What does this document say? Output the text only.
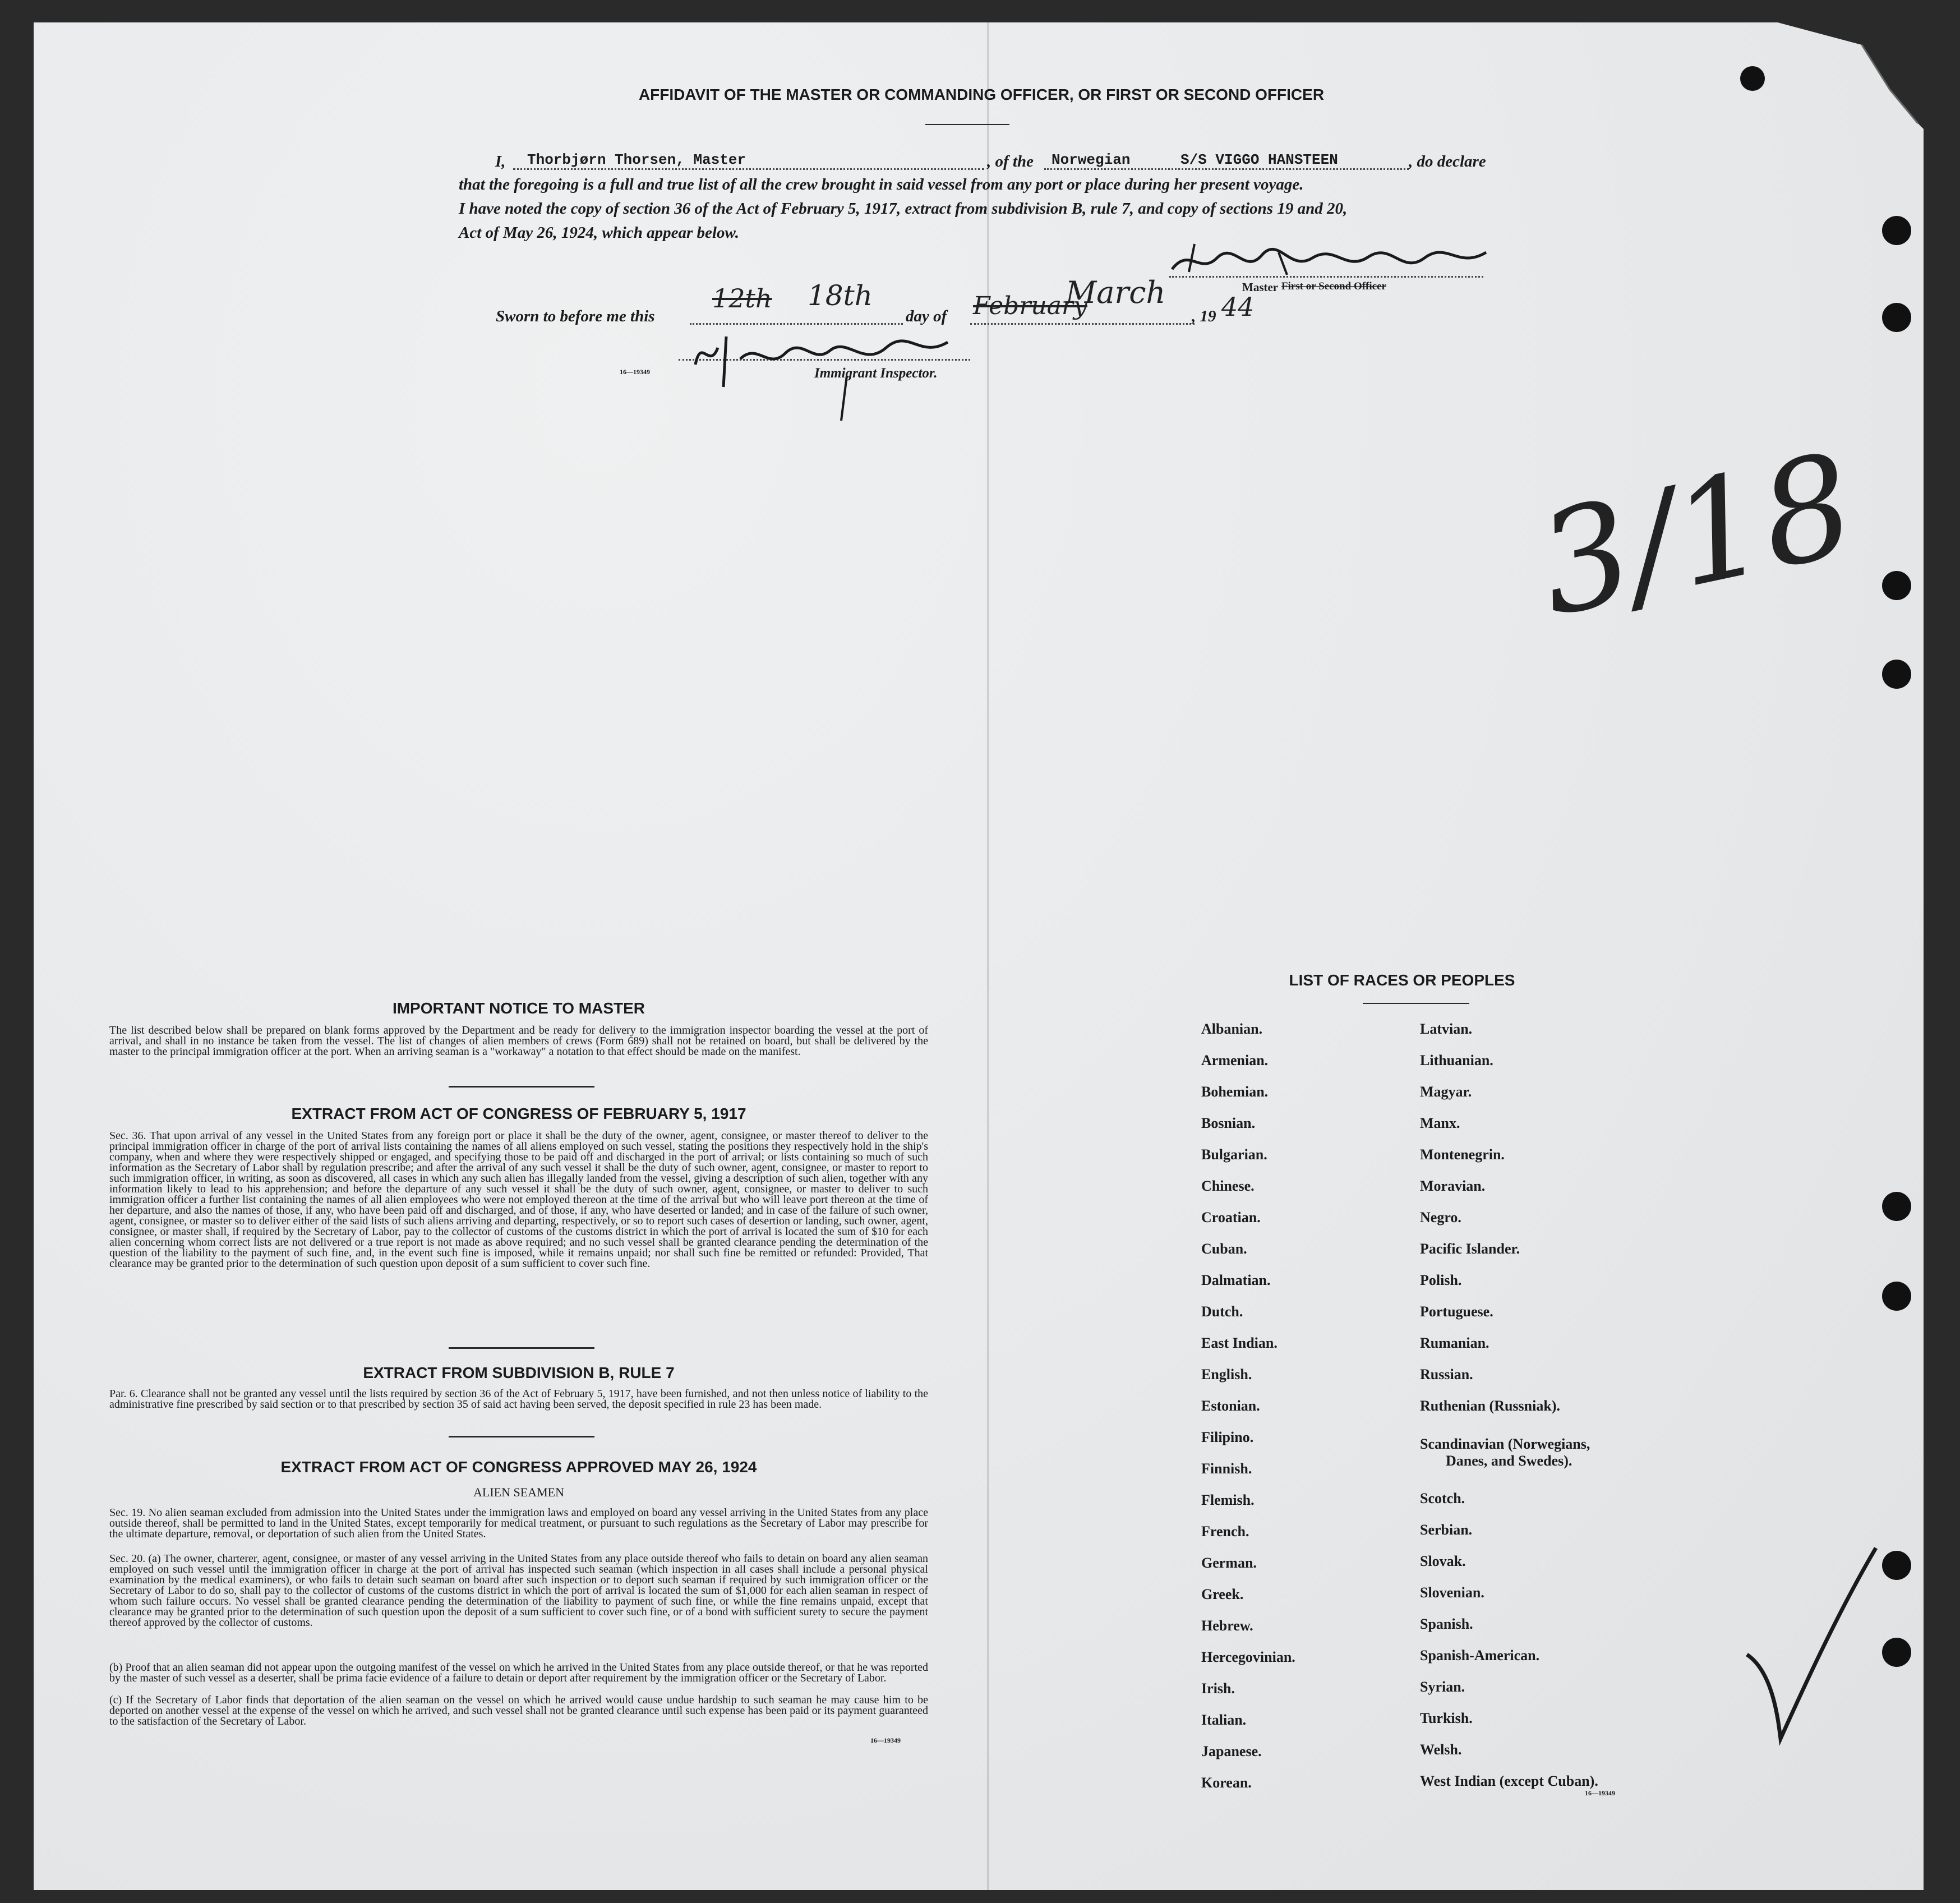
AFFIDAVIT OF THE MASTER OR COMMANDING OFFICER, OR FIRST OR SECOND OFFICER
I, Thorbjørn Thorsen, Master	, of the Norwegian	S/S VIGGO HANSTEEN	, do declare
that the foregoing is a full and true list of all the crew brought in said vessel from any port or place during her present voyage.
I have noted the copy of section 36 of the Act of February 5, 1917, extract from subdivision B, rule 7, and copy of sections 19 and 20,
Act of May 26, 1924, which appear below.
Master First or Second Officer
Sworn to before me this
12th 18th
day of February
March
, 19 44
16—19349	Immigrant Inspector.
3/18
IMPORTANT NOTICE TO MASTER
The list described below shall be prepared on blank forms approved by the Department and be ready for delivery to the immigration inspector boarding the vessel at the port of arrival, and shall in no instance be taken from the vessel. The list of changes of alien members of crews (Form 689) shall not be retained on board, but shall be delivered by the master to the principal immigration officer at the port. When an arriving seaman is a "workaway" a notation to that effect should be made on the manifest.
EXTRACT FROM ACT OF CONGRESS OF FEBRUARY 5, 1917
Sec. 36. That upon arrival of any vessel in the United States from any foreign port or place it shall be the duty of the owner, agent, consignee, or master thereof to deliver to the principal immigration officer in charge of the port of arrival lists containing the names of all aliens employed on such vessel, stating the positions they respectively hold in the ship's company, when and where they were respectively shipped or engaged, and specifying those to be paid off and discharged in the port of arrival; or lists containing so much of such information as the Secretary of Labor shall by regulation prescribe; and after the arrival of any such vessel it shall be the duty of such owner, agent, consignee, or master to report to such immigration officer, in writing, as soon as discovered, all cases in which any such alien has illegally landed from the vessel, giving a description of such alien, together with any information likely to lead to his apprehension; and before the departure of any such vessel it shall be the duty of such owner, agent, consignee, or master to deliver to such immigration officer a further list containing the names of all alien employees who were not employed thereon at the time of the arrival but who will leave port thereon at the time of her departure, and also the names of those, if any, who have been paid off and discharged, and of those, if any, who have deserted or landed; and in case of the failure of such owner, agent, consignee, or master so to deliver either of the said lists of such aliens arriving and departing, respectively, or so to report such cases of desertion or landing, such owner, agent, consignee, or master shall, if required by the Secretary of Labor, pay to the collector of customs of the customs district in which the port of arrival is located the sum of $10 for each alien concerning whom correct lists are not delivered or a true report is not made as above required; and no such vessel shall be granted clearance pending the determination of the question of the liability to the payment of such fine, and, in the event such fine is imposed, while it remains unpaid; nor shall such fine be remitted or refunded: Provided, That clearance may be granted prior to the determination of such question upon deposit of a sum sufficient to cover such fine.
EXTRACT FROM SUBDIVISION B, RULE 7
Par. 6. Clearance shall not be granted any vessel until the lists required by section 36 of the Act of February 5, 1917, have been furnished, and not then unless notice of liability to the administrative fine prescribed by said section or to that prescribed by section 35 of said act having been served, the deposit specified in rule 23 has been made.
EXTRACT FROM ACT OF CONGRESS APPROVED MAY 26, 1924
ALIEN SEAMEN
Sec. 19. No alien seaman excluded from admission into the United States under the immigration laws and employed on board any vessel arriving in the United States from any place outside thereof, shall be permitted to land in the United States, except temporarily for medical treatment, or pursuant to such regulations as the Secretary of Labor may prescribe for the ultimate departure, removal, or deportation of such alien from the United States.
Sec. 20. (a) The owner, charterer, agent, consignee, or master of any vessel arriving in the United States from any place outside thereof who fails to detain on board any alien seaman employed on such vessel until the immigration officer in charge at the port of arrival has inspected such seaman (which inspection in all cases shall include a personal physical examination by the medical examiners), or who fails to detain such seaman on board after such inspection or to deport such seaman if required by such immigration officer or the Secretary of Labor to do so, shall pay to the collector of customs of the customs district in which the port of arrival is located the sum of $1,000 for each alien seaman in respect of whom such failure occurs. No vessel shall be granted clearance pending the determination of the liability to payment of such fine, or while the fine remains unpaid, except that clearance may be granted prior to the determination of such question upon the deposit of a sum sufficient to cover such fine, or of a bond with sufficient surety to secure the payment thereof approved by the collector of customs.
(b) Proof that an alien seaman did not appear upon the outgoing manifest of the vessel on which he arrived in the United States from any place outside thereof, or that he was reported by the master of such vessel as a deserter, shall be prima facie evidence of a failure to detain or deport after requirement by the immigration officer or the Secretary of Labor.
(c) If the Secretary of Labor finds that deportation of the alien seaman on the vessel on which he arrived would cause undue hardship to such seaman he may cause him to be deported on another vessel at the expense of the vessel on which he arrived, and such vessel shall not be granted clearance until such expense has been paid or its payment guaranteed to the satisfaction of the Secretary of Labor.
16—19349
LIST OF RACES OR PEOPLES
Albanian.
Armenian.
Bohemian.
Bosnian.
Bulgarian.
Chinese.
Croatian.
Cuban.
Dalmatian.
Dutch.
East Indian.
English.
Estonian.
Filipino.
Finnish.
Flemish.
French.
German.
Greek.
Hebrew.
Hercegovinian.
Irish.
Italian.
Japanese.
Korean.
Latvian.
Lithuanian.
Magyar.
Manx.
Montenegrin.
Moravian.
Negro.
Pacific Islander.
Polish.
Portuguese.
Rumanian.
Russian.
Ruthenian (Russniak).
Scandinavian (Norwegians,
Danes, and Swedes).
Scotch.
Serbian.
Slovak.
Slovenian.
Spanish.
Spanish-American.
Syrian.
Turkish.
Welsh.
West Indian (except Cuban).
16—19349
